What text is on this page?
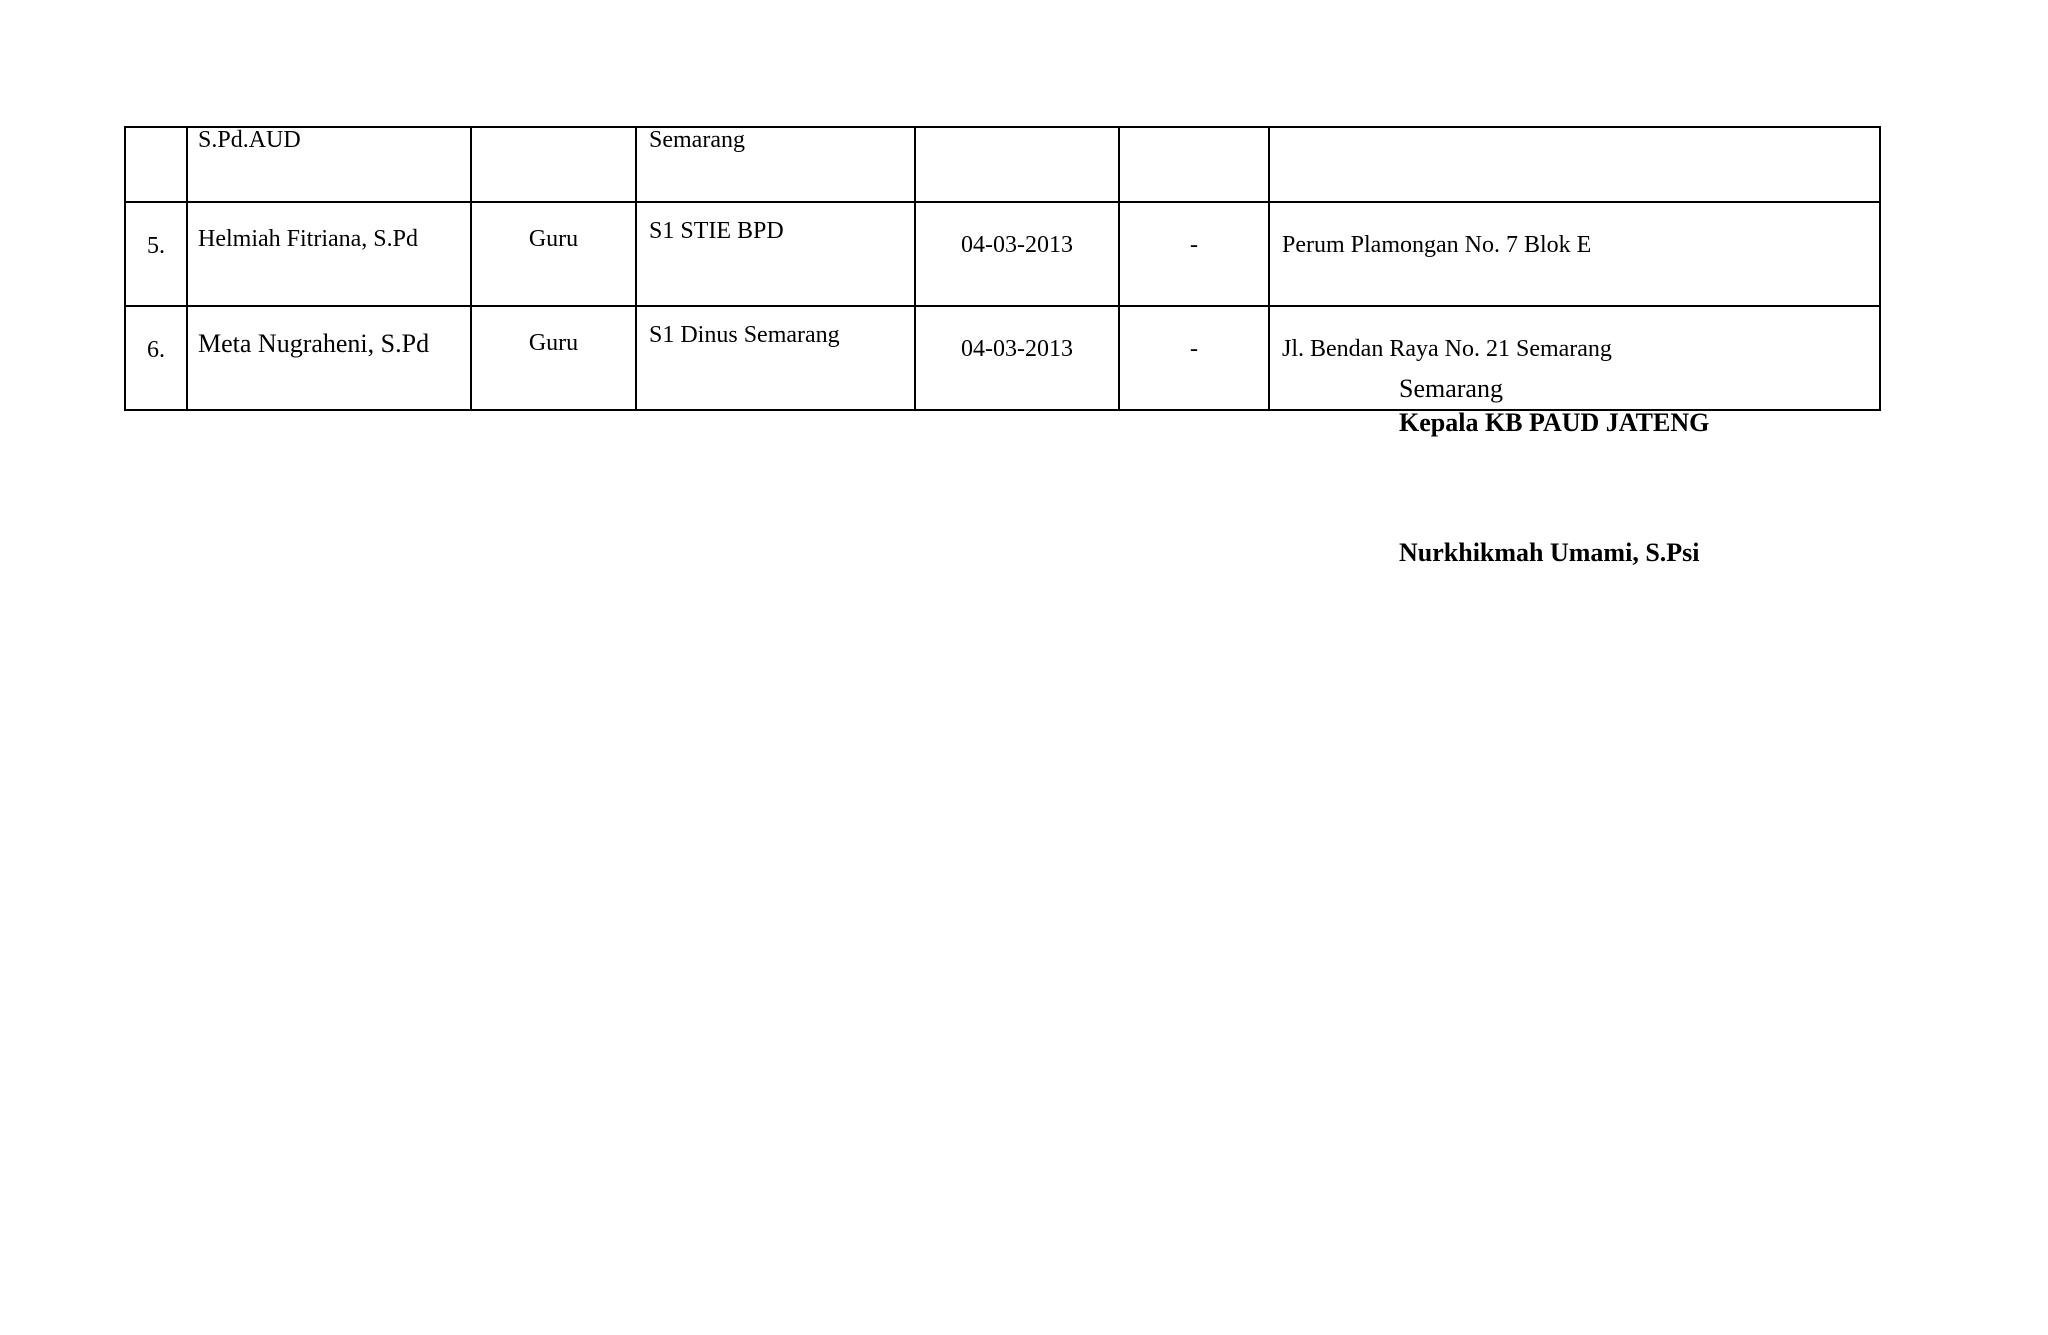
	S.Pd.AUD		Semarang			

5.	Helmiah Fitriana, S.Pd	Guru	S1 STIE BPD	04-03-2013	-	Perum Plamongan No. 7 Blok E

6.	Meta Nugraheni, S.Pd	Guru	S1 Dinus Semarang	04-03-2013	-	Jl. Bendan Raya No. 21 Semarang
Semarang
Kepala KB PAUD JATENG
Nurkhikmah Umami, S.Psi
